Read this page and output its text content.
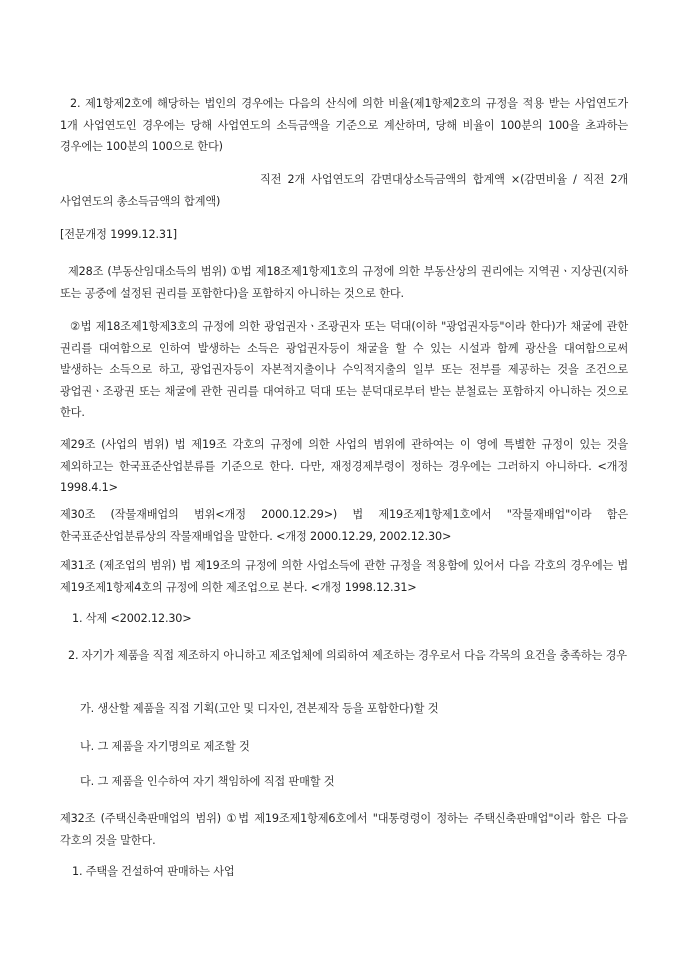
2. 제1항제2호에 해당하는 법인의 경우에는 다음의 산식에 의한 비율(제1항제2호의 규정을 적용 받는 사업연도가 1개 사업연도인 경우에는 당해 사업연도의 소득금액을 기준으로 계산하며, 당해 비율이 100분의 100을 초과하는 경우에는 100분의 100으로 한다)

직전 2개 사업연도의 감면대상소득금액의 합계액 ×(감면비율 / 직전 2개 사업연도의 총소득금액의 합계액)

[전문개정 1999.12.31]

제28조 (부동산임대소득의 범위) ①법 제18조제1항제1호의 규정에 의한 부동산상의 권리에는 지역권ㆍ지상권(지하 또는 공중에 설정된 권리를 포함한다)을 포함하지 아니하는 것으로 한다.

②법 제18조제1항제3호의 규정에 의한 광업권자ㆍ조광권자 또는 덕대(이하 "광업권자등"이라 한다)가 채굴에 관한 권리를 대여함으로 인하여 발생하는 소득은 광업권자등이 채굴을 할 수 있는 시설과 함께 광산을 대여함으로써 발생하는 소득으로 하고, 광업권자등이 자본적지출이나 수익적지출의 일부 또는 전부를 제공하는 것을 조건으로 광업권ㆍ조광권 또는 채굴에 관한 권리를 대여하고 덕대 또는 분덕대로부터 받는 분철료는 포함하지 아니하는 것으로 한다.

제29조 (사업의 범위) 법 제19조 각호의 규정에 의한 사업의 범위에 관하여는 이 영에 특별한 규정이 있는 것을 제외하고는 한국표준산업분류를 기준으로 한다. 다만, 재정경제부령이 정하는 경우에는 그러하지 아니하다. <개정 1998.4.1>

제30조 (작물재배업의 범위<개정 2000.12.29>) 법 제19조제1항제1호에서 "작물재배업"이라 함은 한국표준산업분류상의 작물재배업을 말한다. <개정 2000.12.29, 2002.12.30>

제31조 (제조업의 범위) 법 제19조의 규정에 의한 사업소득에 관한 규정을 적용함에 있어서 다음 각호의 경우에는 법 제19조제1항제4호의 규정에 의한 제조업으로 본다. <개정 1998.12.31>

1. 삭제 <2002.12.30>

2. 자기가 제품을 직접 제조하지 아니하고 제조업체에 의뢰하여 제조하는 경우로서 다음 각목의 요건을 충족하는 경우

가. 생산할 제품을 직접 기획(고안 및 디자인, 견본제작 등을 포함한다)할 것

나. 그 제품을 자기명의로 제조할 것

다. 그 제품을 인수하여 자기 책임하에 직접 판매할 것

제32조 (주택신축판매업의 범위) ①법 제19조제1항제6호에서 "대통령령이 정하는 주택신축판매업"이라 함은 다음 각호의 것을 말한다.

1. 주택을 건설하여 판매하는 사업
